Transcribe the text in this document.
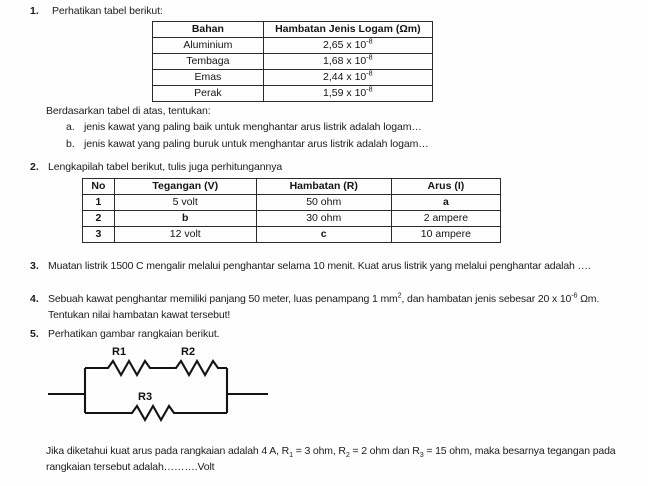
1. Perhatikan tabel berikut:
Bahan	Hambatan Jenis Logam (Ωm)
Aluminium	2,65 x $10^{-8}$
Tembaga	1,68 x $10^{-8}$
Emas	2,44 x $10^{-8}$
Perak	1,59 x $10^{-8}$
Berdasarkan tabel di atas, tentukan:
a. jenis kawat yang paling baik untuk menghantar arus listrik adalah logam…
b. jenis kawat yang paling buruk untuk menghantar arus listrik adalah logam…
2. Lengkapilah tabel berikut, tulis juga perhitungannya
No	Tegangan (V)	Hambatan (R)	Arus (I)
1	5 volt	50 ohm	a
2	b	30 ohm	2 ampere
3	12 volt	c	10 ampere
3. Muatan listrik 1500 C mengalir melalui penghantar selama 10 menit. Kuat arus listrik yang melalui penghantar adalah ….
4. Sebuah kawat penghantar memiliki panjang 50 meter, luas penampang 1 $mm^2$, dan hambatan jenis sebesar 20 x $10^{-6}$ Ωm. Tentukan nilai hambatan kawat tersebut!
5. Perhatikan gambar rangkaian berikut.
R1	R2
R3
Jika diketahui kuat arus pada rangkaian adalah 4 A, $R_1 = 3$ ohm, $R_2 = 2$ ohm dan $R_3 = 15$ ohm, maka besarnya tegangan pada rangkaian tersebut adalah……….Volt
